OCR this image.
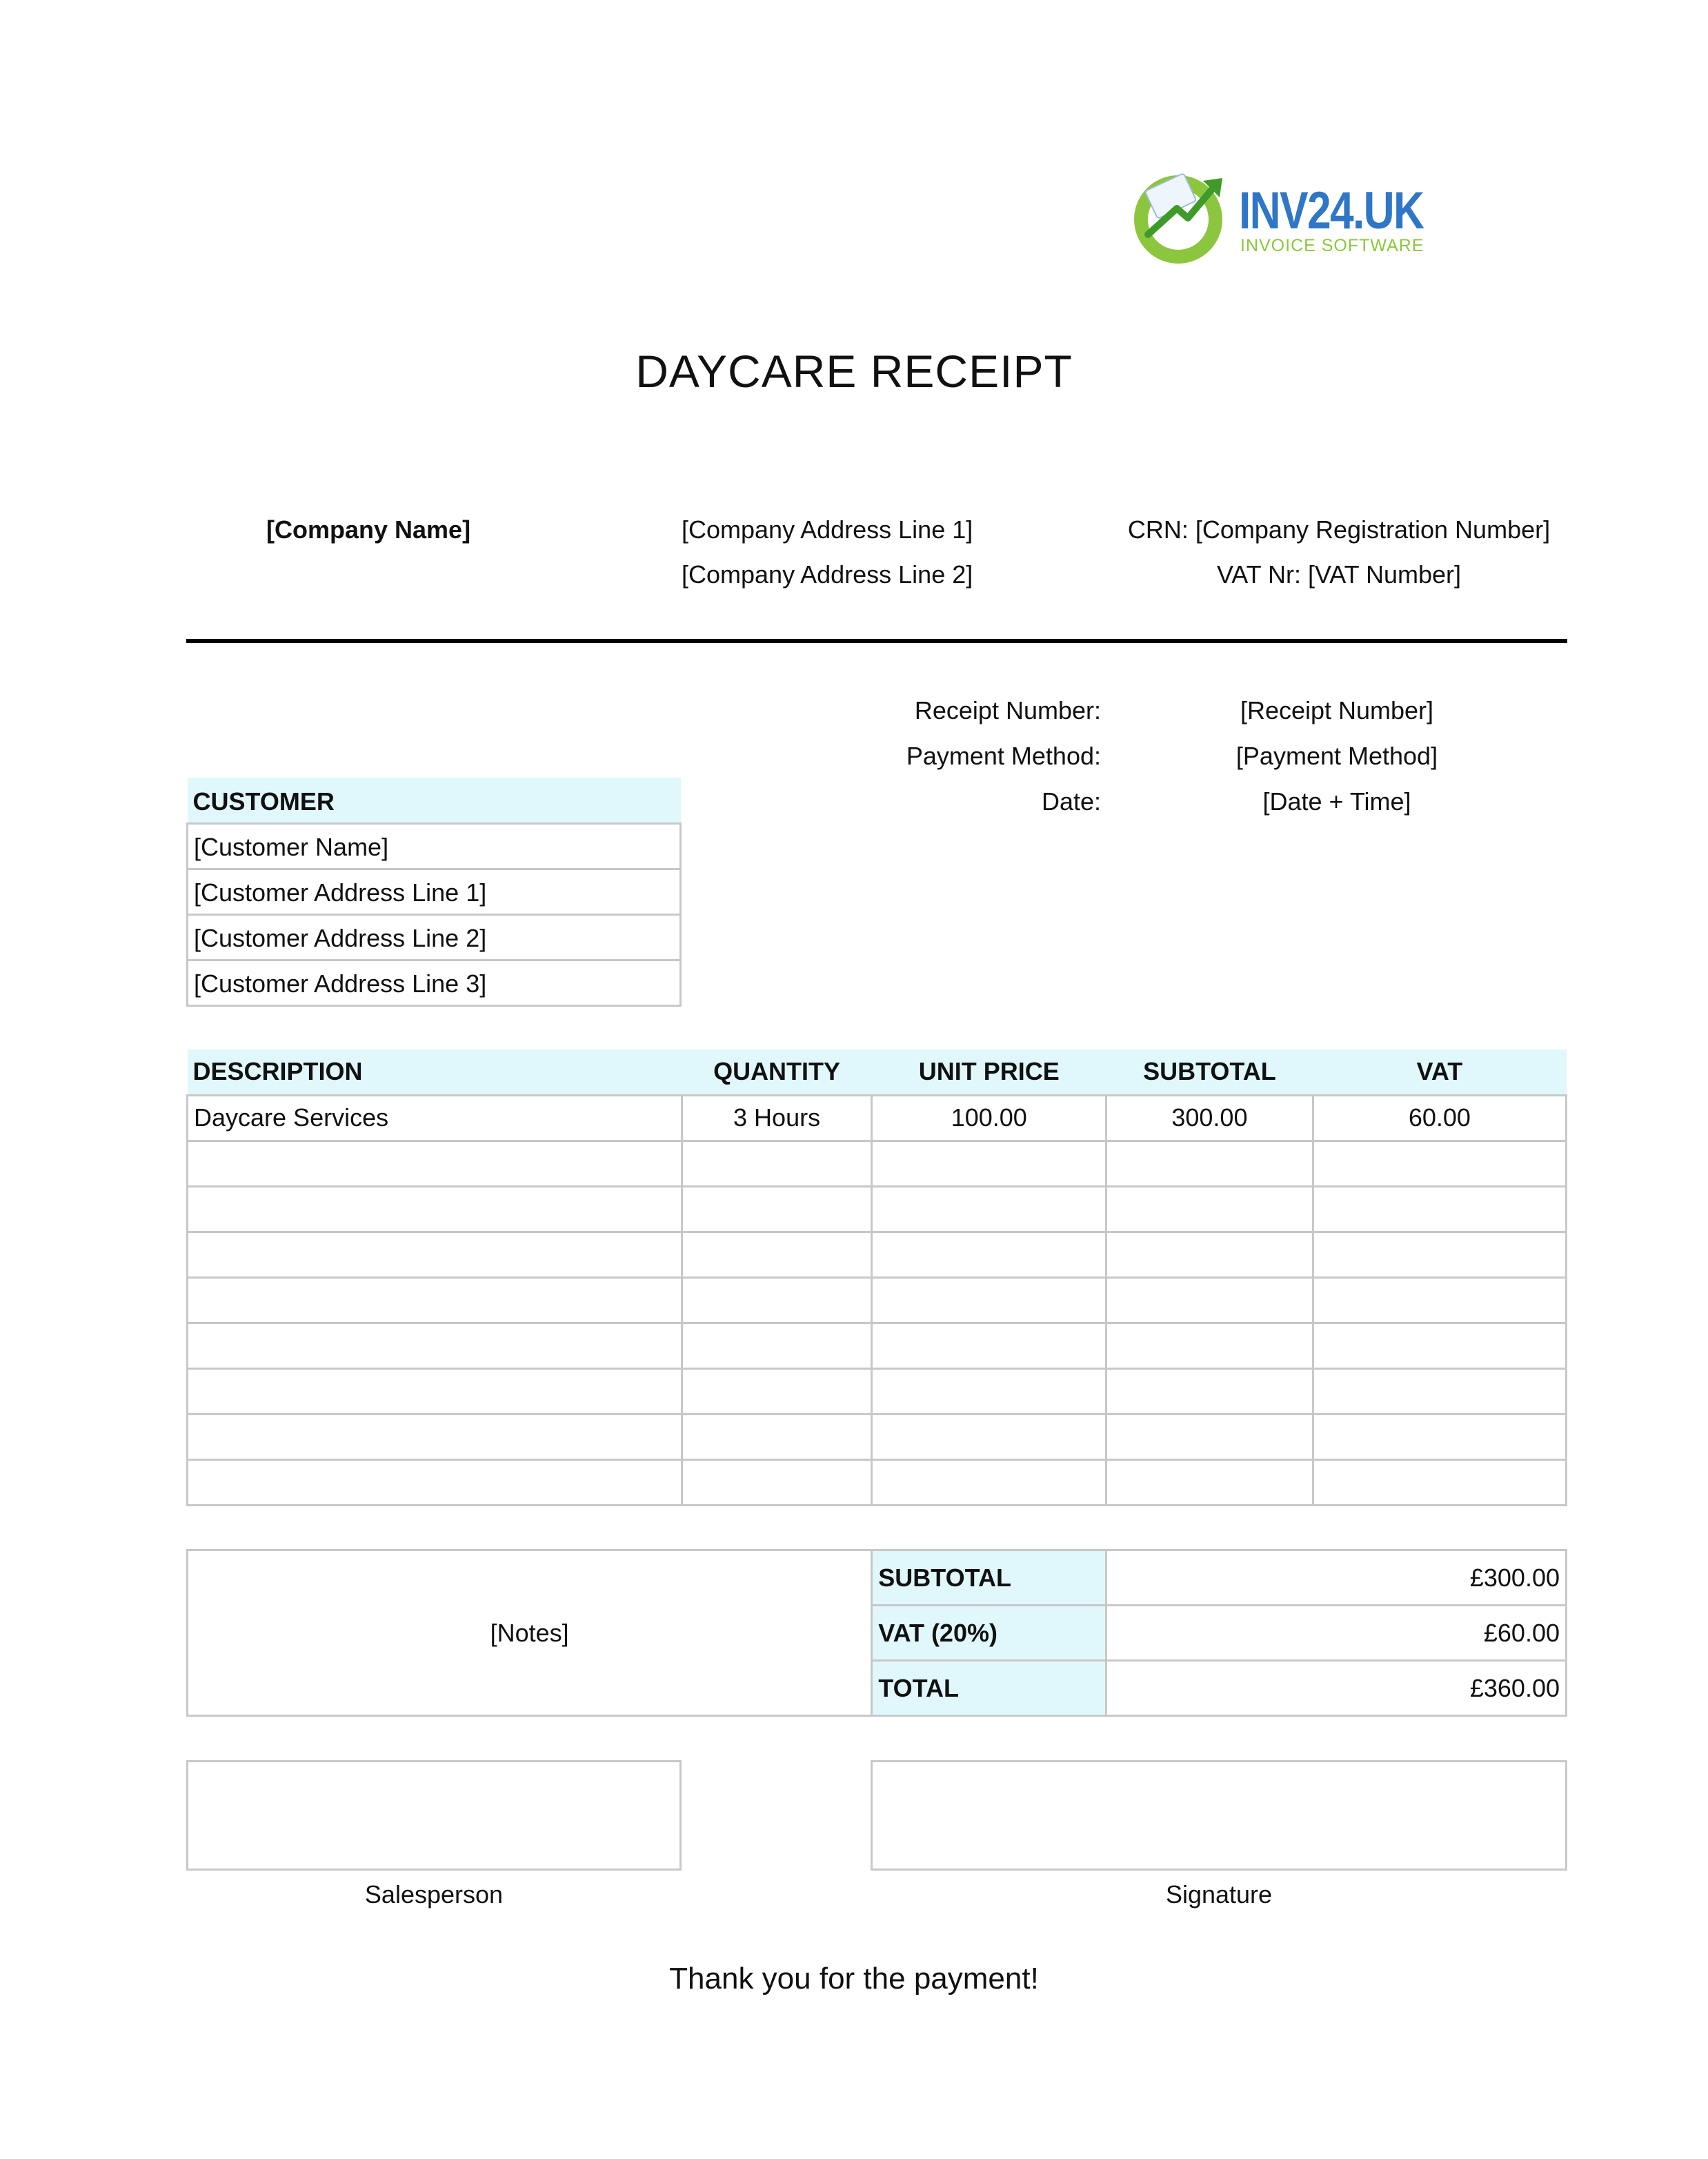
INV24.UK
INVOICE SOFTWARE
DAYCARE RECEIPT
[Company Name]	[Company Address Line 1]
[Company Address Line 2]
CRN: [Company Registration Number]
VAT Nr: [VAT Number]
Receipt Number:	[Receipt Number]
Payment Method:	[Payment Method]
Date:	[Date + Time]
CUSTOMER
[Customer Name]
[Customer Address Line 1]
[Customer Address Line 2]
[Customer Address Line 3]
DESCRIPTION	QUANTITY	UNIT PRICE	SUBTOTAL	VAT
Daycare Services	3 Hours	100.00	300.00	60.00

[Notes]	SUBTOTAL	£300.00
	VAT (20%)	£60.00
	TOTAL	£360.00
Salesperson	Signature
Thank you for the payment!
